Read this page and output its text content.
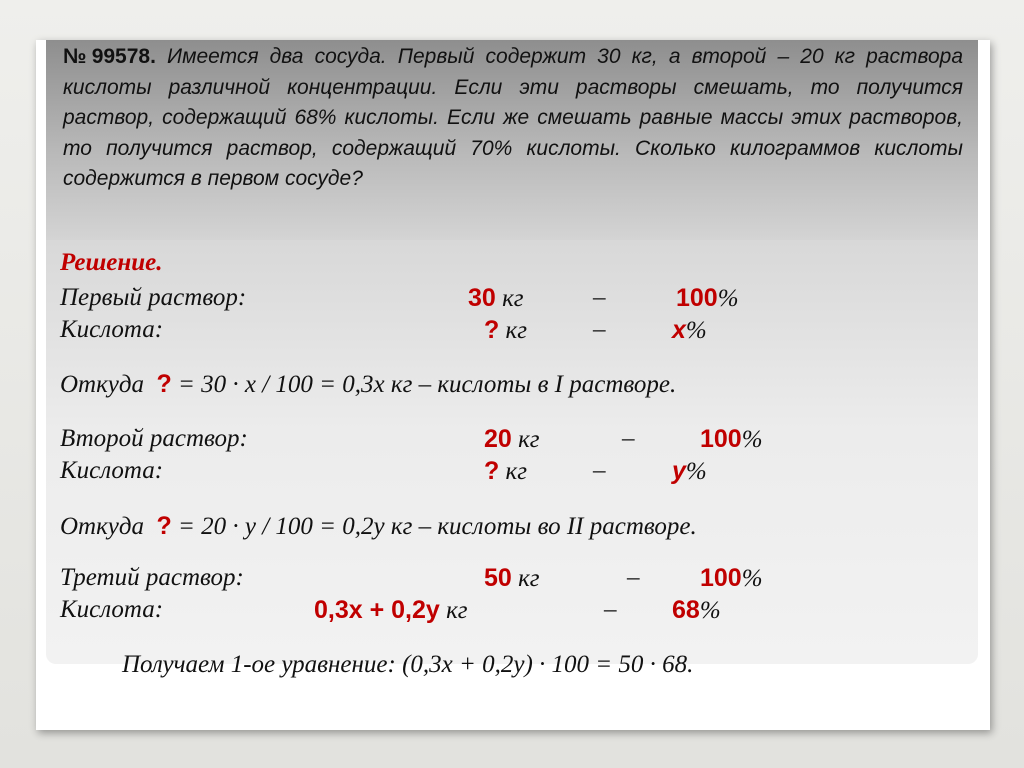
№99578. Имеется два сосуда. Первый содержит 30 кг, а второй – 20 кг раствора кислоты различной концентрации. Если эти растворы смешать, то получится раствор, содержащий 68% кислоты. Если же смешать равные массы этих растворов, то получится раствор, содержащий 70% кислоты. Сколько килограммов кислоты содержится в первом сосуде?
Решение.
Первый раствор:	30 кг	–	100%
Кислота:	? кг	–	x%
Откуда ? = 30 · x / 100 = 0,3x кг – кислоты в I растворе.
Второй раствор:	20 кг	–	100%
Кислота:	? кг	–	y%
Откуда ? = 20 · y / 100 = 0,2y кг – кислоты во II растворе.
Третий раствор:	50 кг	– 100%
Кислота:	0,3x + 0,2y кг	– 68%
Получаем 1-ое уравнение: (0,3x + 0,2y) · 100 = 50 · 68.
